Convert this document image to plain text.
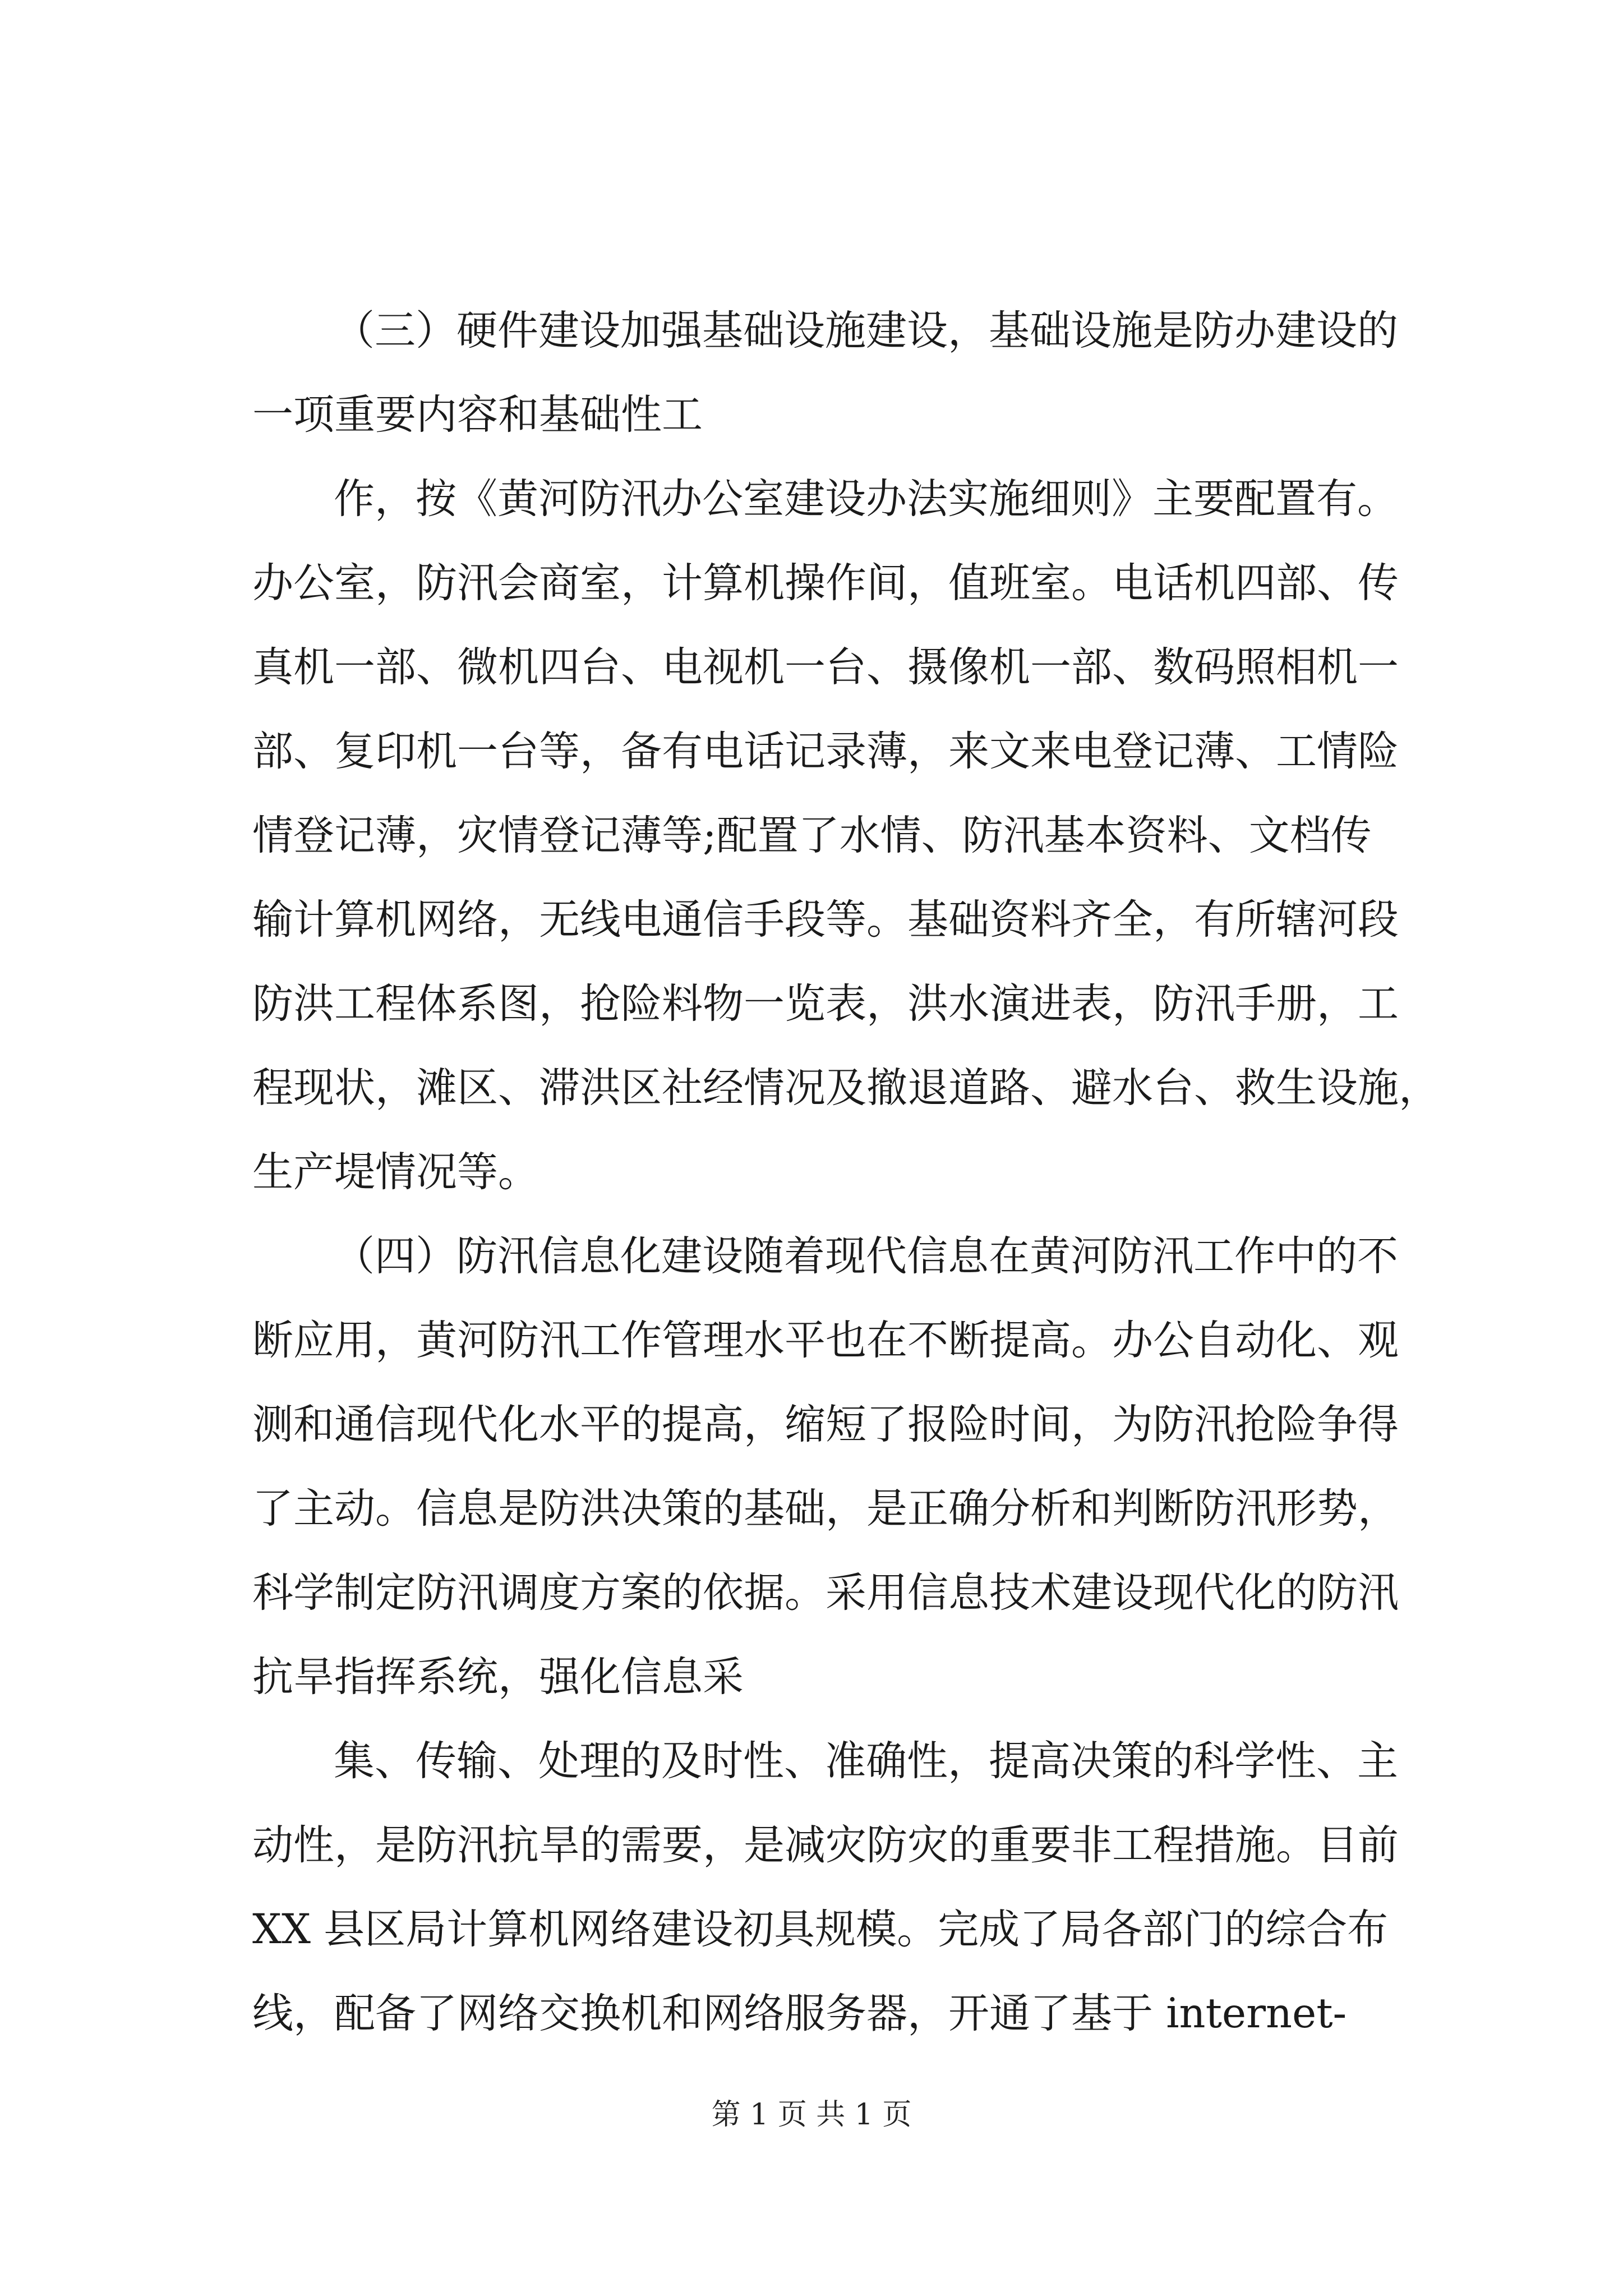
（三）硬件建设加强基础设施建设，基础设施是防办建设的
一项重要内容和基础性工
作，按《黄河防汛办公室建设办法实施细则》主要配置有。
办公室，防汛会商室，计算机操作间，值班室。电话机四部、传
真机一部、微机四台、电视机一台、摄像机一部、数码照相机一
部、复印机一台等，备有电话记录薄，来文来电登记薄、工情险
情登记薄，灾情登记薄等;配置了水情、防汛基本资料、文档传
输计算机网络，无线电通信手段等。基础资料齐全，有所辖河段
防洪工程体系图，抢险料物一览表，洪水演进表，防汛手册，工
程现状，滩区、滞洪区社经情况及撤退道路、避水台、救生设施，
生产堤情况等。
（四）防汛信息化建设随着现代信息在黄河防汛工作中的不
断应用，黄河防汛工作管理水平也在不断提高。办公自动化、观
测和通信现代化水平的提高，缩短了报险时间，为防汛抢险争得
了主动。信息是防洪决策的基础，是正确分析和判断防汛形势，
科学制定防汛调度方案的依据。采用信息技术建设现代化的防汛
抗旱指挥系统，强化信息采
集、传输、处理的及时性、准确性，提高决策的科学性、主
动性，是防汛抗旱的需要，是减灾防灾的重要非工程措施。目前
XX 县区局计算机网络建设初具规模。完成了局各部门的综合布
线，配备了网络交换机和网络服务器，开通了基于 internet-
第 1 页 共 1 页
